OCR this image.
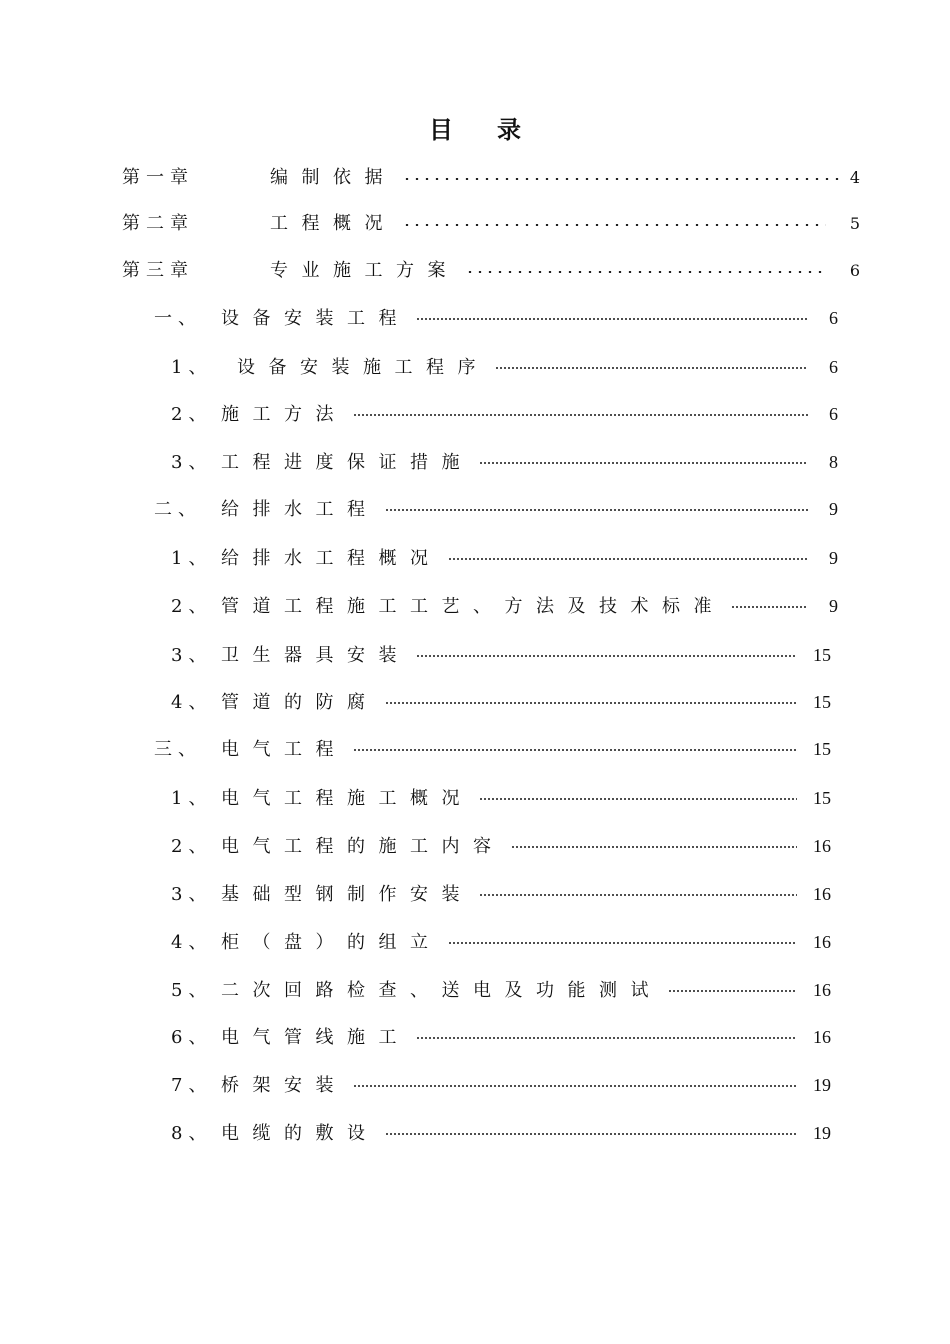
目录
第一章	编制依据	4
第二章	工程概况	5
第三章	专业施工方案	6
一、	设备安装工程	6
1、	设备安装施工程序	6
2、 施工方法	6
3、 工程进度保证措施	8
二、	给排水工程	9
1、 给排水工程概况	9
2、 管道工程施工工艺、方法及技术标准	9
3、 卫生器具安装	15
4、 管道的防腐	15
三、	电气工程	15
1、 电气工程施工概况	15
2、 电气工程的施工内容	16
3、 基础型钢制作安装	16
4、 柜（盘）的组立	16
5、 二次回路检查、送电及功能测试	16
6、 电气管线施工	16
7、 桥架安装	19
8、 电缆的敷设	19
